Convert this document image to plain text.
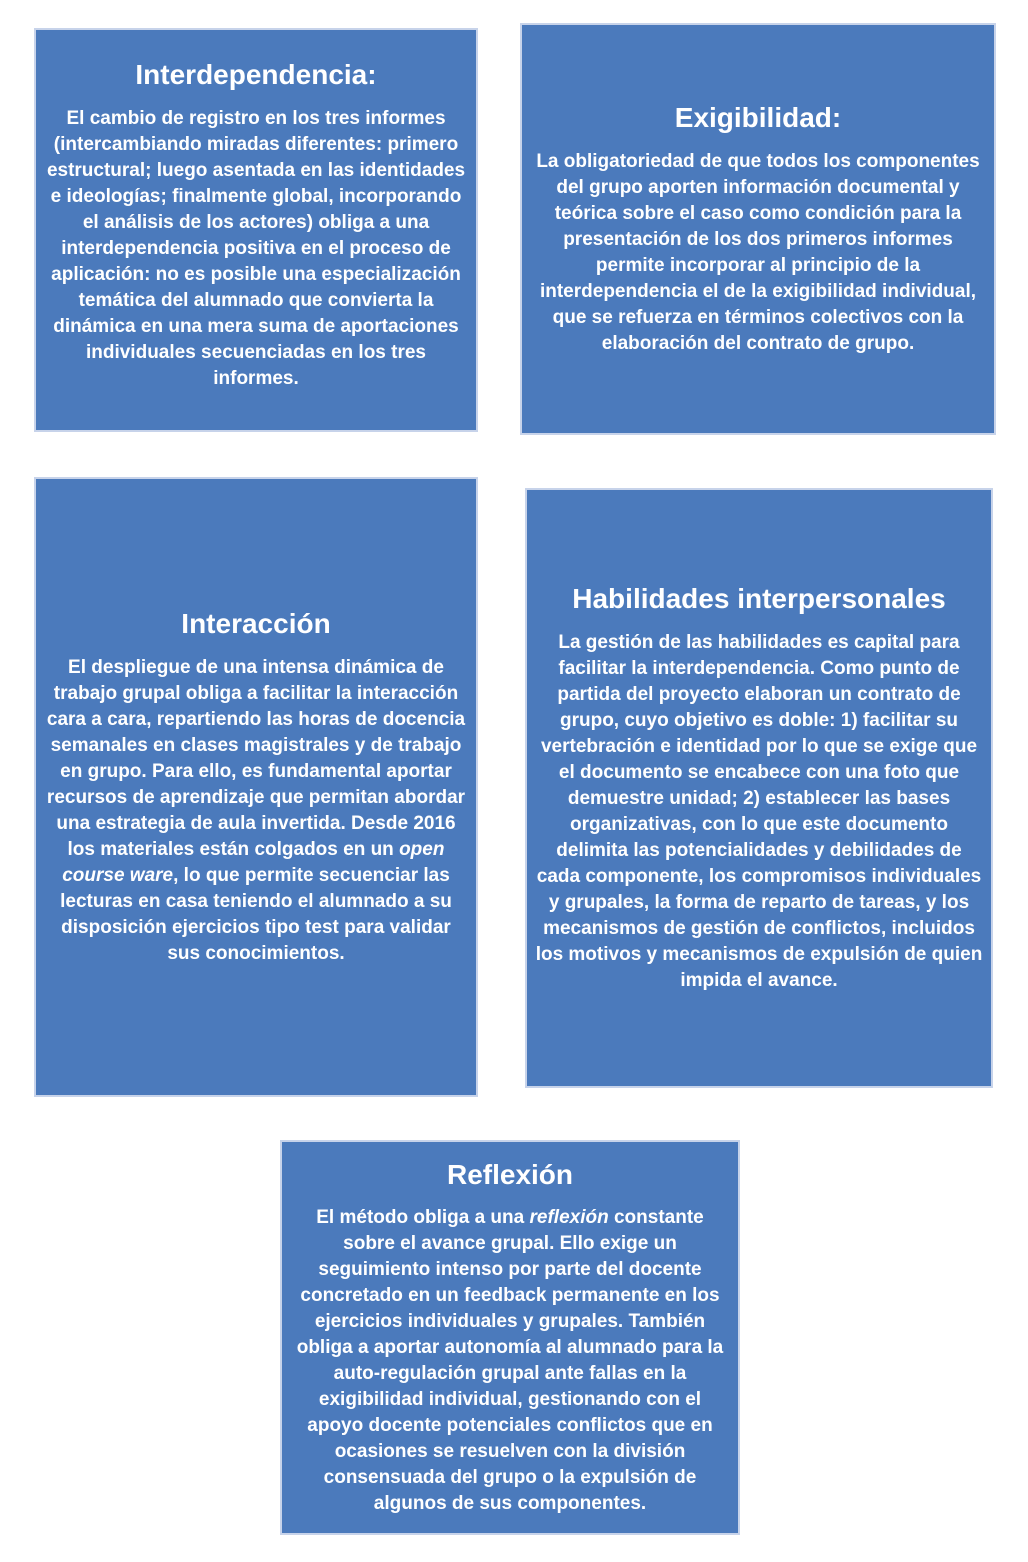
Interdependencia:

El cambio de registro en los tres informes (intercambiando miradas diferentes: primero estructural; luego asentada en las identidades e ideologías; finalmente global, incorporando el análisis de los actores) obliga a una interdependencia positiva en el proceso de aplicación: no es posible una especialización temática del alumnado que convierta la dinámica en una mera suma de aportaciones individuales secuenciadas en los tres informes.

Exigibilidad:

La obligatoriedad de que todos los componentes del grupo aporten información documental y teórica sobre el caso como condición para la presentación de los dos primeros informes permite incorporar al principio de la interdependencia el de la exigibilidad individual, que se refuerza en términos colectivos con la elaboración del contrato de grupo.

Interacción

El despliegue de una intensa dinámica de trabajo grupal obliga a facilitar la interacción cara a cara, repartiendo las horas de docencia semanales en clases magistrales y de trabajo en grupo. Para ello, es fundamental aportar recursos de aprendizaje que permitan abordar una estrategia de aula invertida. Desde 2016 los materiales están colgados en un open course ware, lo que permite secuenciar las lecturas en casa teniendo el alumnado a su disposición ejercicios tipo test para validar sus conocimientos.

Habilidades interpersonales

La gestión de las habilidades es capital para facilitar la interdependencia. Como punto de partida del proyecto elaboran un contrato de grupo, cuyo objetivo es doble: 1) facilitar su vertebración e identidad por lo que se exige que el documento se encabece con una foto que demuestre unidad; 2) establecer las bases organizativas, con lo que este documento delimita las potencialidades y debilidades de cada componente, los compromisos individuales y grupales, la forma de reparto de tareas, y los mecanismos de gestión de conflictos, incluidos los motivos y mecanismos de expulsión de quien impida el avance.

Reflexión

El método obliga a una reflexión constante sobre el avance grupal. Ello exige un seguimiento intenso por parte del docente concretado en un feedback permanente en los ejercicios individuales y grupales. También obliga a aportar autonomía al alumnado para la auto-regulación grupal ante fallas en la exigibilidad individual, gestionando con el apoyo docente potenciales conflictos que en ocasiones se resuelven con la división consensuada del grupo o la expulsión de algunos de sus componentes.
